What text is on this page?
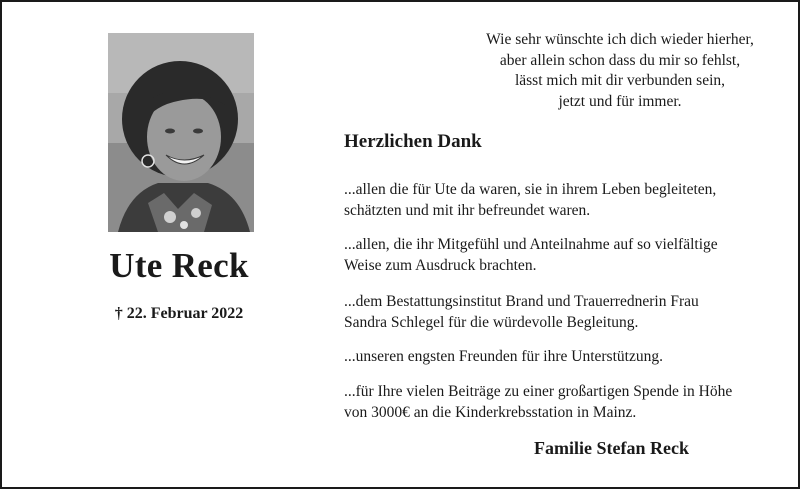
Ute Reck
† 22. Februar 2022
Wie sehr wünschte ich dich wieder hierher,
aber allein schon dass du mir so fehlst,
lässt mich mit dir verbunden sein,
jetzt und für immer.
Herzlichen Dank
...allen die für Ute da waren, sie in ihrem Leben begleiteten,
schätzten und mit ihr befreundet waren.
...allen, die ihr Mitgefühl und Anteilnahme auf so vielfältige
Weise zum Ausdruck brachten.
...dem Bestattungsinstitut Brand und Trauerrednerin Frau
Sandra Schlegel für die würdevolle Begleitung.
...unseren engsten Freunden für ihre Unterstützung.
...für Ihre vielen Beiträge zu einer großartigen Spende in Höhe
von 3000€ an die Kinderkrebsstation in Mainz.
Familie Stefan Reck
